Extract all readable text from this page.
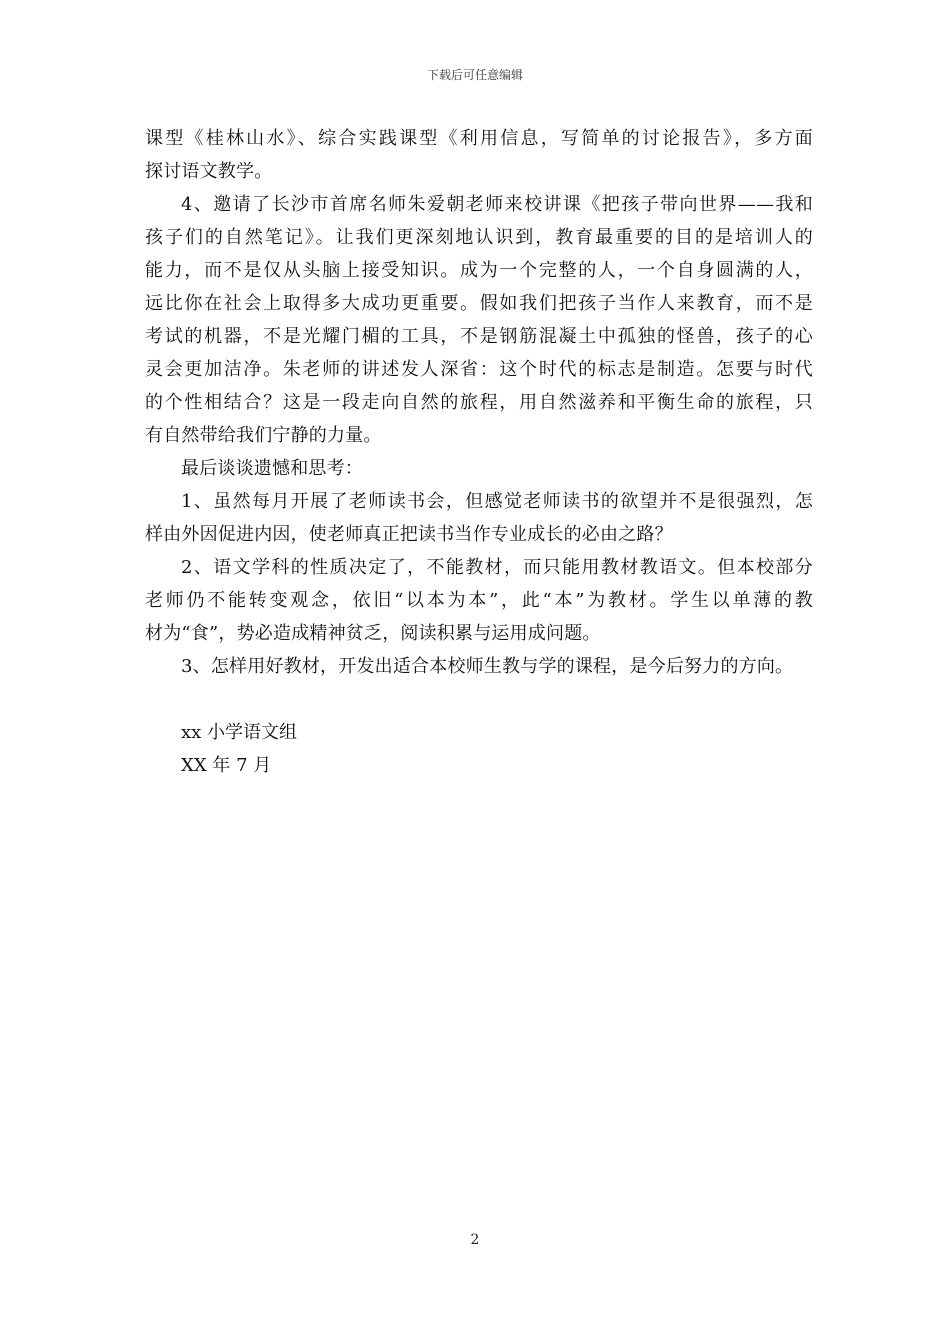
下载后可任意编辑
课型《桂林山水》、综合实践课型《利用信息，写简单的讨论报告》，多方面
探讨语文教学。
4、邀请了长沙市首席名师朱爱朝老师来校讲课《把孩子带向世界——我和
孩子们的自然笔记》。让我们更深刻地认识到，教育最重要的目的是培训人的
能力，而不是仅从头脑上接受知识。成为一个完整的人，一个自身圆满的人，
远比你在社会上取得多大成功更重要。假如我们把孩子当作人来教育，而不是
考试的机器，不是光耀门楣的工具，不是钢筋混凝土中孤独的怪兽，孩子的心
灵会更加洁净。朱老师的讲述发人深省：这个时代的标志是制造。怎要与时代
的个性相结合？这是一段走向自然的旅程，用自然滋养和平衡生命的旅程，只
有自然带给我们宁静的力量。
最后谈谈遗憾和思考：
1、虽然每月开展了老师读书会，但感觉老师读书的欲望并不是很强烈，怎
样由外因促进内因，使老师真正把读书当作专业成长的必由之路？
2、语文学科的性质决定了，不能教材，而只能用教材教语文。但本校部分
老师仍不能转变观念，依旧“以本为本”，此“本”为教材。学生以单薄的教
材为“食”，势必造成精神贫乏，阅读积累与运用成问题。
3、怎样用好教材，开发出适合本校师生教与学的课程，是今后努力的方向。
xx 小学语文组
XX 年 7 月
2
